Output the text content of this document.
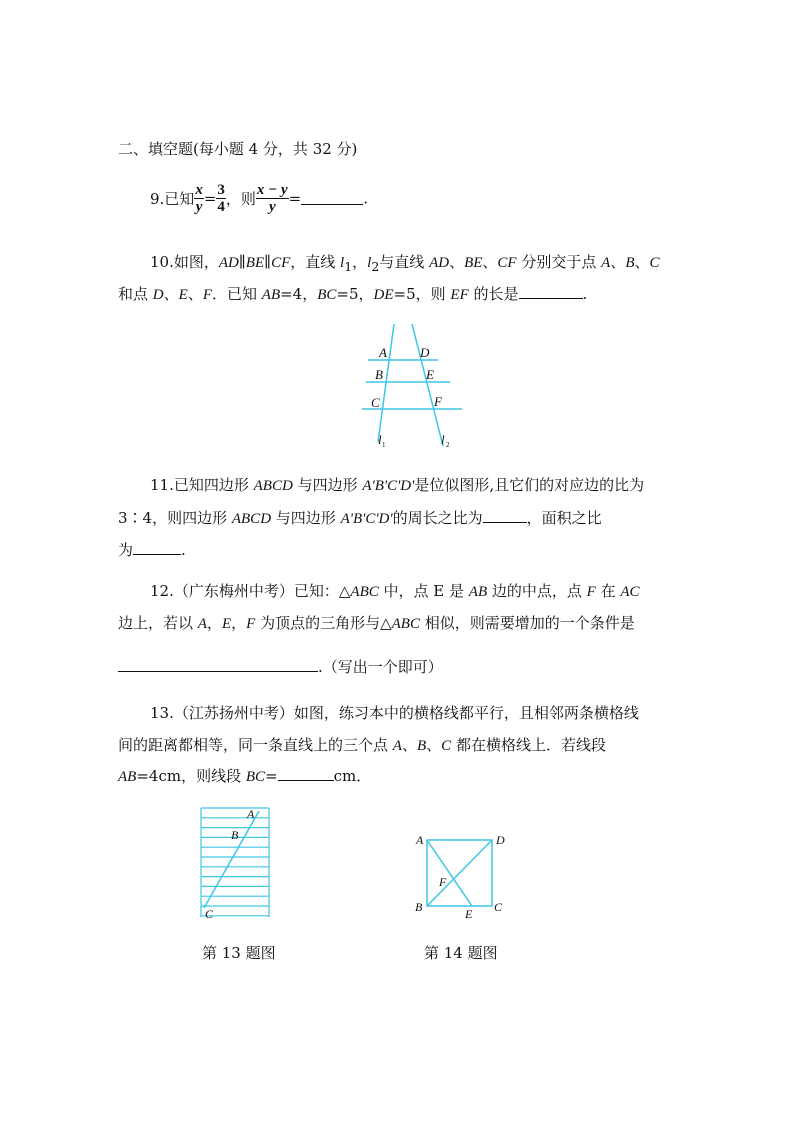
二、填空题(每小题 4 分，共 32 分)
9.已知 $\frac{x}{y} = \frac{3}{4}$ ，则 $\frac{x - y}{y}$ =	.
10.如图，AD∥BE∥CF，直线 $l_1$，$l_2$与直线 AD、BE、CF 分别交于点 A、B、C
和点 D、E、F．已知 AB=4，BC=5，DE=5，则 EF 的长是	.
A	D
B	E
C	F
l 1	l 2
11.已知四边形 ABCD 与四边形 A'B'C'D'是位似图形,且它们的对应边的比为
3∶4，则四边形 ABCD 与四边形 A'B'C'D'的周长之比为	，面积之比
为	.
12.（广东梅州中考）已知：△ABC 中，点 E 是 AB 边的中点，点 F 在 AC
边上，若以 A，E，F 为顶点的三角形与△ABC 相似，则需要增加的一个条件是
.（写出一个即可）
13.（江苏扬州中考）如图，练习本中的横格线都平行，且相邻两条横格线
间的距离都相等，同一条直线上的三个点 A、B、C 都在横格线上．若线段
AB=4cm，则线段 BC=	cm．
A
B
C
第 13 题图
A	D
F
B	E C
第 14 题图
